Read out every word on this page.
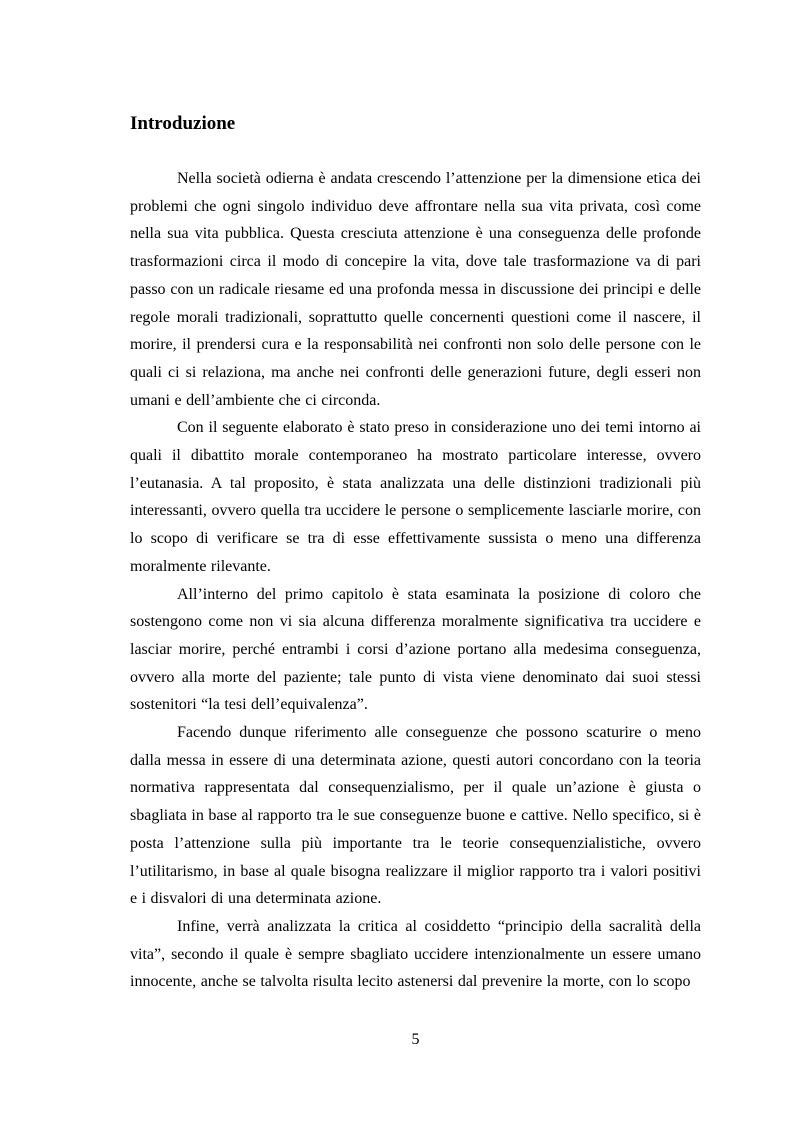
Introduzione

Nella società odierna è andata crescendo l’attenzione per la dimensione etica dei problemi che ogni singolo individuo deve affrontare nella sua vita privata, così come nella sua vita pubblica. Questa cresciuta attenzione è una conseguenza delle profonde trasformazioni circa il modo di concepire la vita, dove tale trasformazione va di pari passo con un radicale riesame ed una profonda messa in discussione dei principi e delle regole morali tradizionali, soprattutto quelle concernenti questioni come il nascere, il morire, il prendersi cura e la responsabilità nei confronti non solo delle persone con le quali ci si relaziona, ma anche nei confronti delle generazioni future, degli esseri non umani e dell’ambiente che ci circonda.

Con il seguente elaborato è stato preso in considerazione uno dei temi intorno ai quali il dibattito morale contemporaneo ha mostrato particolare interesse, ovvero l’eutanasia. A tal proposito, è stata analizzata una delle distinzioni tradizionali più interessanti, ovvero quella tra uccidere le persone o semplicemente lasciarle morire, con lo scopo di verificare se tra di esse effettivamente sussista o meno una differenza moralmente rilevante.

All’interno del primo capitolo è stata esaminata la posizione di coloro che sostengono come non vi sia alcuna differenza moralmente significativa tra uccidere e lasciar morire, perché entrambi i corsi d’azione portano alla medesima conseguenza, ovvero alla morte del paziente; tale punto di vista viene denominato dai suoi stessi sostenitori “la tesi dell’equivalenza”.

Facendo dunque riferimento alle conseguenze che possono scaturire o meno dalla messa in essere di una determinata azione, questi autori concordano con la teoria normativa rappresentata dal consequenzialismo, per il quale un’azione è giusta o sbagliata in base al rapporto tra le sue conseguenze buone e cattive. Nello specifico, si è posta l’attenzione sulla più importante tra le teorie consequenzialistiche, ovvero l’utilitarismo, in base al quale bisogna realizzare il miglior rapporto tra i valori positivi e i disvalori di una determinata azione.

Infine, verrà analizzata la critica al cosiddetto “principio della sacralità della vita”, secondo il quale è sempre sbagliato uccidere intenzionalmente un essere umano innocente, anche se talvolta risulta lecito astenersi dal prevenire la morte, con lo scopo

5
